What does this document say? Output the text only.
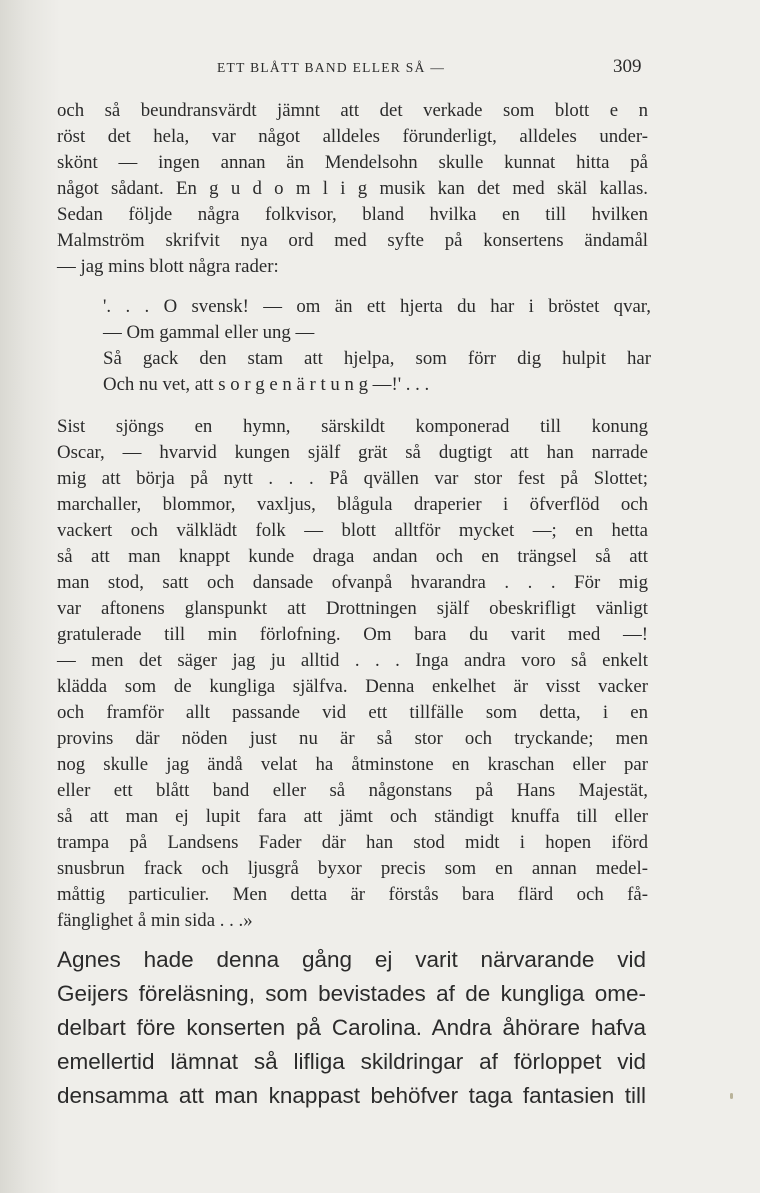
ETT BLÅTT BAND ELLER SÅ —	309
och så beundransvärdt jämnt att det verkade som blott e n
röst det hela, var något alldeles förunderligt, alldeles under-
skönt — ingen annan än Mendelsohn skulle kunnat hitta på
något sådant. En g u d o m l i g musik kan det med skäl kallas.
Sedan följde några folkvisor, bland hvilka en till hvilken
Malmström skrifvit nya ord med syfte på konsertens ändamål
— jag mins blott några rader:
'. . . O svensk! — om än ett hjerta du har i bröstet qvar,
— Om gammal eller ung —
Så gack den stam att hjelpa, som förr dig hulpit har
Och nu vet, att s o r g e n ä r t u n g —!' . . .
Sist sjöngs en hymn, särskildt komponerad till konung
Oscar, — hvarvid kungen själf grät så dugtigt att han narrade
mig att börja på nytt . . . På qvällen var stor fest på Slottet;
marchaller, blommor, vaxljus, blågula draperier i öfverflöd och
vackert och välklädt folk — blott alltför mycket —; en hetta
så att man knappt kunde draga andan och en trängsel så att
man stod, satt och dansade ofvanpå hvarandra . . . För mig
var aftonens glanspunkt att Drottningen själf obeskrifligt vänligt
gratulerade till min förlofning. Om bara du varit med —!
— men det säger jag ju alltid . . . Inga andra voro så enkelt
klädda som de kungliga själfva. Denna enkelhet är visst vacker
och framför allt passande vid ett tillfälle som detta, i en
provins där nöden just nu är så stor och tryckande; men
nog skulle jag ändå velat ha åtminstone en kraschan eller par
eller ett blått band eller så någonstans på Hans Majestät,
så att man ej lupit fara att jämt och ständigt knuffa till eller
trampa på Landsens Fader där han stod midt i hopen iförd
snusbrun frack och ljusgrå byxor precis som en annan medel-
måttig particulier. Men detta är förstås bara flärd och få-
fänglighet å min sida . . .»
Agnes hade denna gång ej varit närvarande vid
Geijers föreläsning, som bevistades af de kungliga ome-
delbart före konserten på Carolina. Andra åhörare hafva
emellertid lämnat så lifliga skildringar af förloppet vid
densamma att man knappast behöfver taga fantasien till
